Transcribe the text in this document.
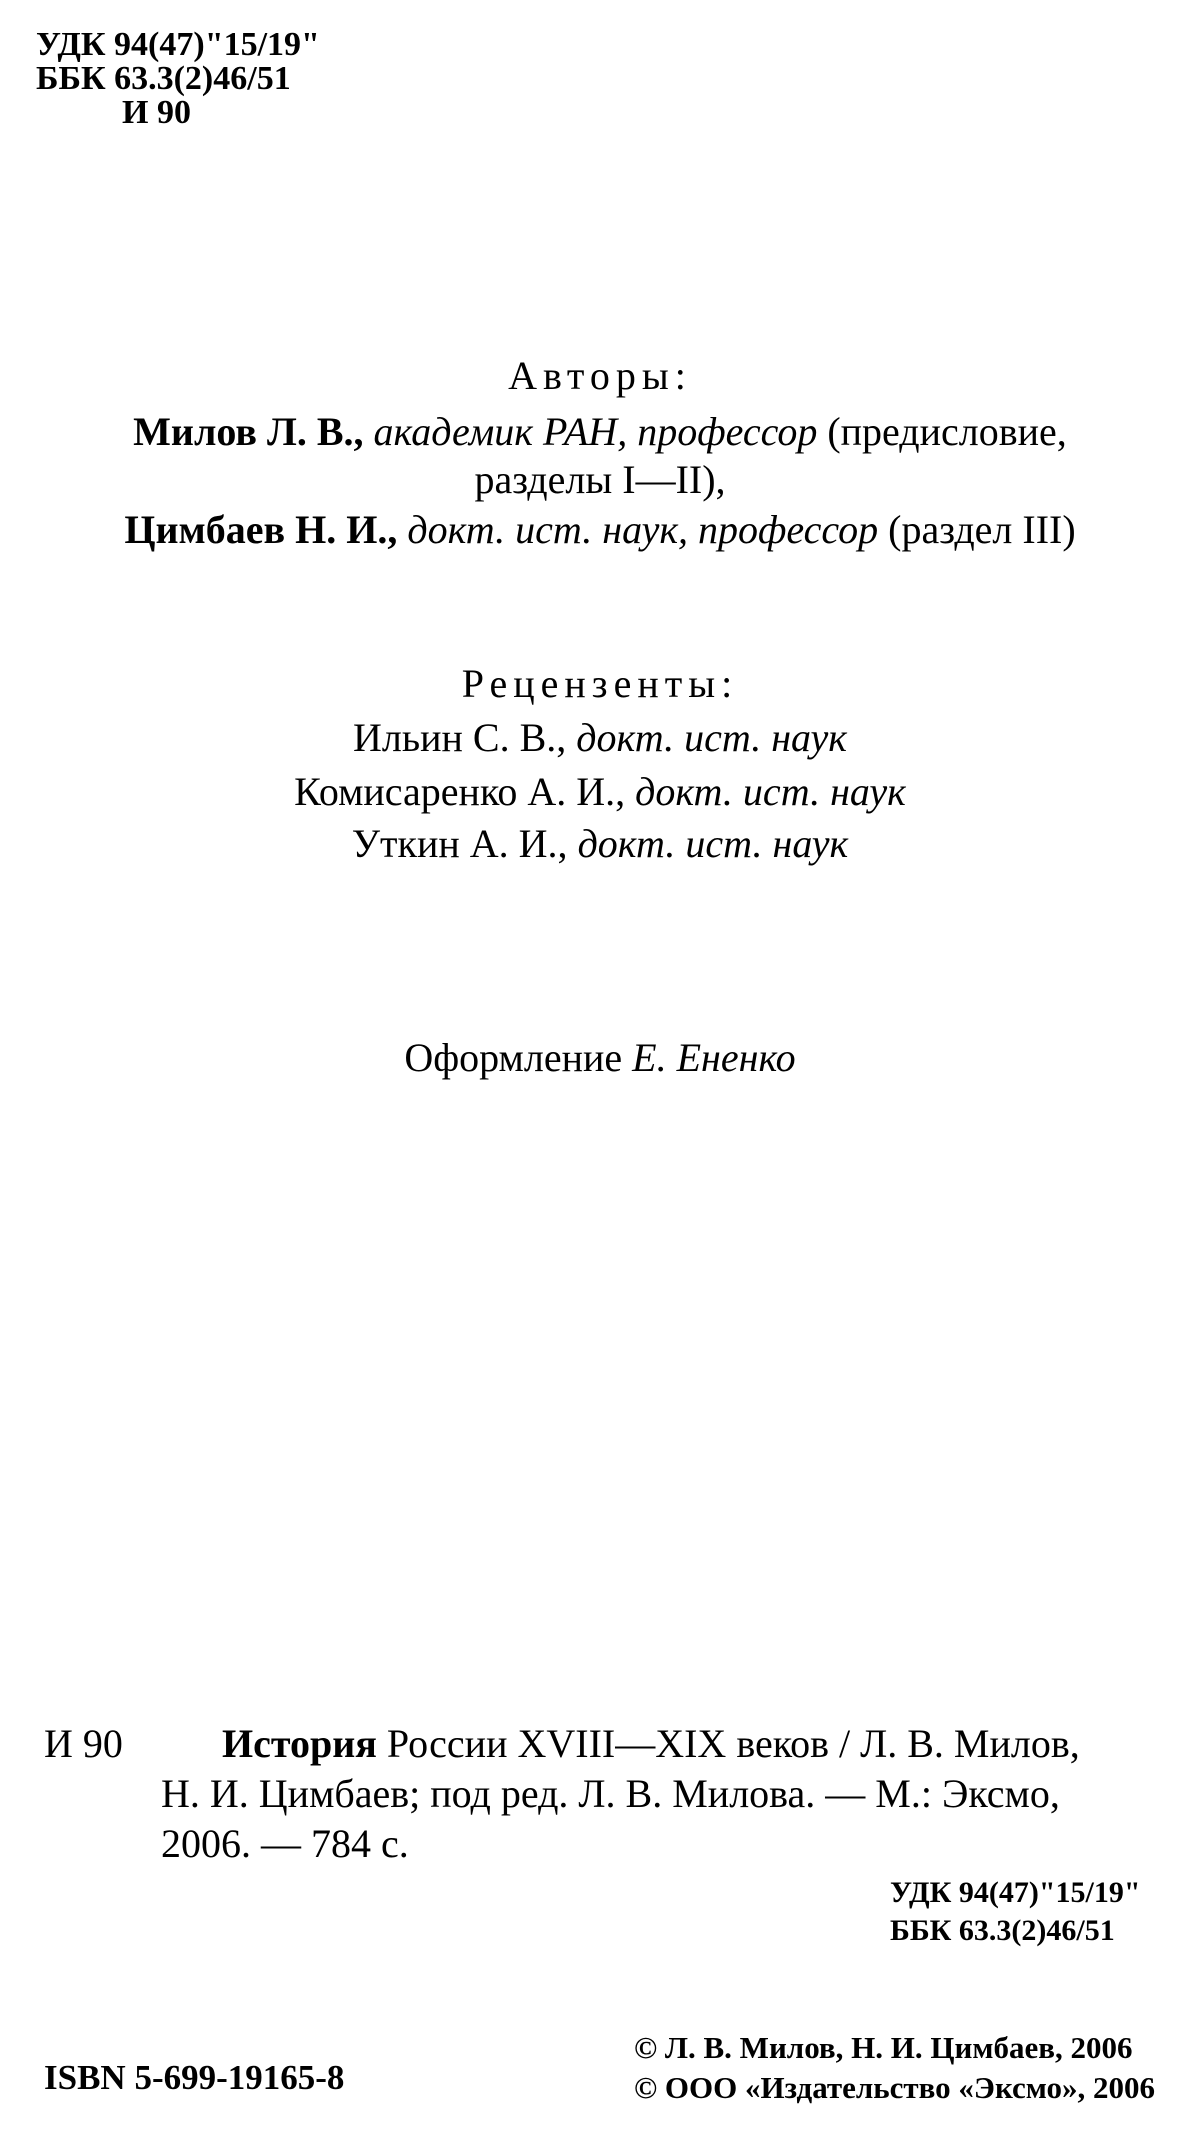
УДК 94(47)"15/19"
ББК 63.3(2)46/51
И 90
Авторы:
Милов Л. В., академик РАН, профессор (предисловие,
разделы I—II),
Цимбаев Н. И., докт. ист. наук, профессор (раздел III)
Рецензенты:
Ильин С. В., докт. ист. наук
Комисаренко А. И., докт. ист. наук
Уткин А. И., докт. ист. наук
Оформление Е. Ененко
И 90 История России XVIII—XIX веков / Л. В. Милов,
Н. И. Цимбаев; под ред. Л. В. Милова. — М.: Эксмо,
2006. — 784 с.
УДК 94(47)"15/19"
ББК 63.3(2)46/51
© Л. В. Милов, Н. И. Цимбаев, 2006
ISBN 5-699-19165-8	© ООО «Издательство «Эксмо», 2006
